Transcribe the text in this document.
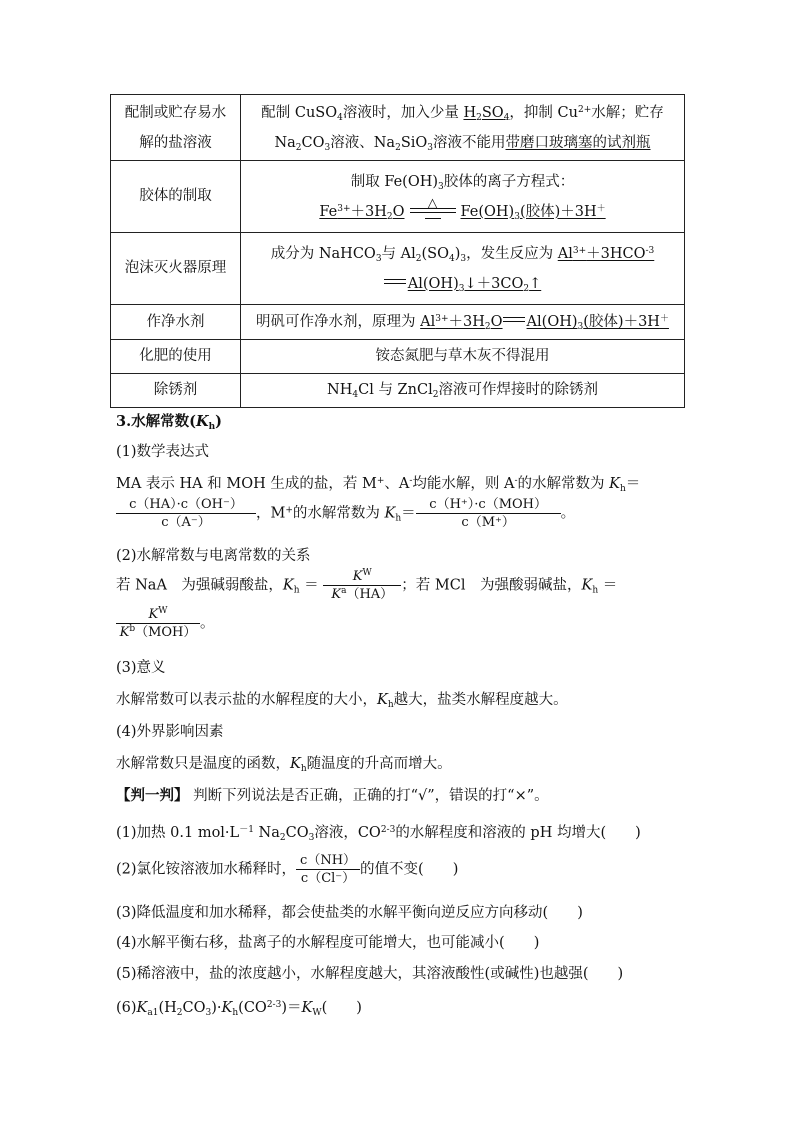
配制或贮存易水
解的盐溶液	配制 CuSO$_4$溶液时，加入少量 $H_2SO_4$，抑制 $Cu^{2+}$水解；贮存
$Na_2CO_3$溶液、$Na_2SiO_3$溶液不能用带磨口玻璃塞的试剂瓶

胶体的制取	制取 $Fe(OH)_3$胶体的离子方程式：
$Fe^{3+}+3H_2O$
△
$Fe(OH)_3$(胶体)＋3H＋

泡沫灭火器原理	成分为 NaHCO$_3$与 $Al_2(SO_4)_3$，发生反应为 $Al^{3+}+3HCO^{-3}$
$Al(OH)_3↓+3CO_2↑$

作净水剂	明矾可作净水剂，原理为 $Al^{3+}+3H_2O$ $Al(OH)_3$(胶体)＋3H＋

化肥的使用	铵态氮肥与草木灰不得混用
除锈剂	$NH_4Cl$ 与 ZnCl$_2$溶液可作焊接时的除锈剂
3.水解常数$(K_h)$
(1)数学表达式
MA 表示 HA 和 MOH 生成的盐，若 M+、A-均能水解，则 A-的水解常数为 $K_h=$
$\frac{c(HA)\cdot c(OH^-)}{c(A^-)}$ ，M+的水解常数为 $K_h= \frac{\text{c（H⁺）·c（MOH）}}{c(M^+)}$ 。
(2)水解常数与电离常数的关系
若 NaA　为强碱弱酸盐，$K_h = \frac{K^W}{K^a(HA)}$ ；若 MCl　为强酸弱碱盐，$K_h$ ＝
$\frac{K^W}{K^b(MOH)}$ 。
(3)意义
水解常数可以表示盐的水解程度的大小，$K_h$越大，盐类水解程度越大。
(4)外界影响因素
水解常数只是温度的函数，$K_h$随温度的升高而增大。
【判一判】 判断下列说法是否正确，正确的打“√”，错误的打“×”。
(1)加热 0.1 $mol\cdot L^{-1}$ $Na_2CO_3$溶液，CO$^{2-3}$的水解程度和溶液的 pH 均增大(　　)
(2)氯化铵溶液加水稀释时， $\frac{c(NH)}{c(Cl^-)}$ 的值不变(　　)
(3)降低温度和加水稀释，都会使盐类的水解平衡向逆反应方向移动(　　)
(4)水解平衡右移，盐离子的水解程度可能增大，也可能减小(　　)
(5)稀溶液中，盐的浓度越小，水解程度越大，其溶液酸性(或碱性)也越强(　　)
$(6)K_{a1}(H_2CO_3)\cdot K_h(CO^{2-3})=K_W$(　　)
